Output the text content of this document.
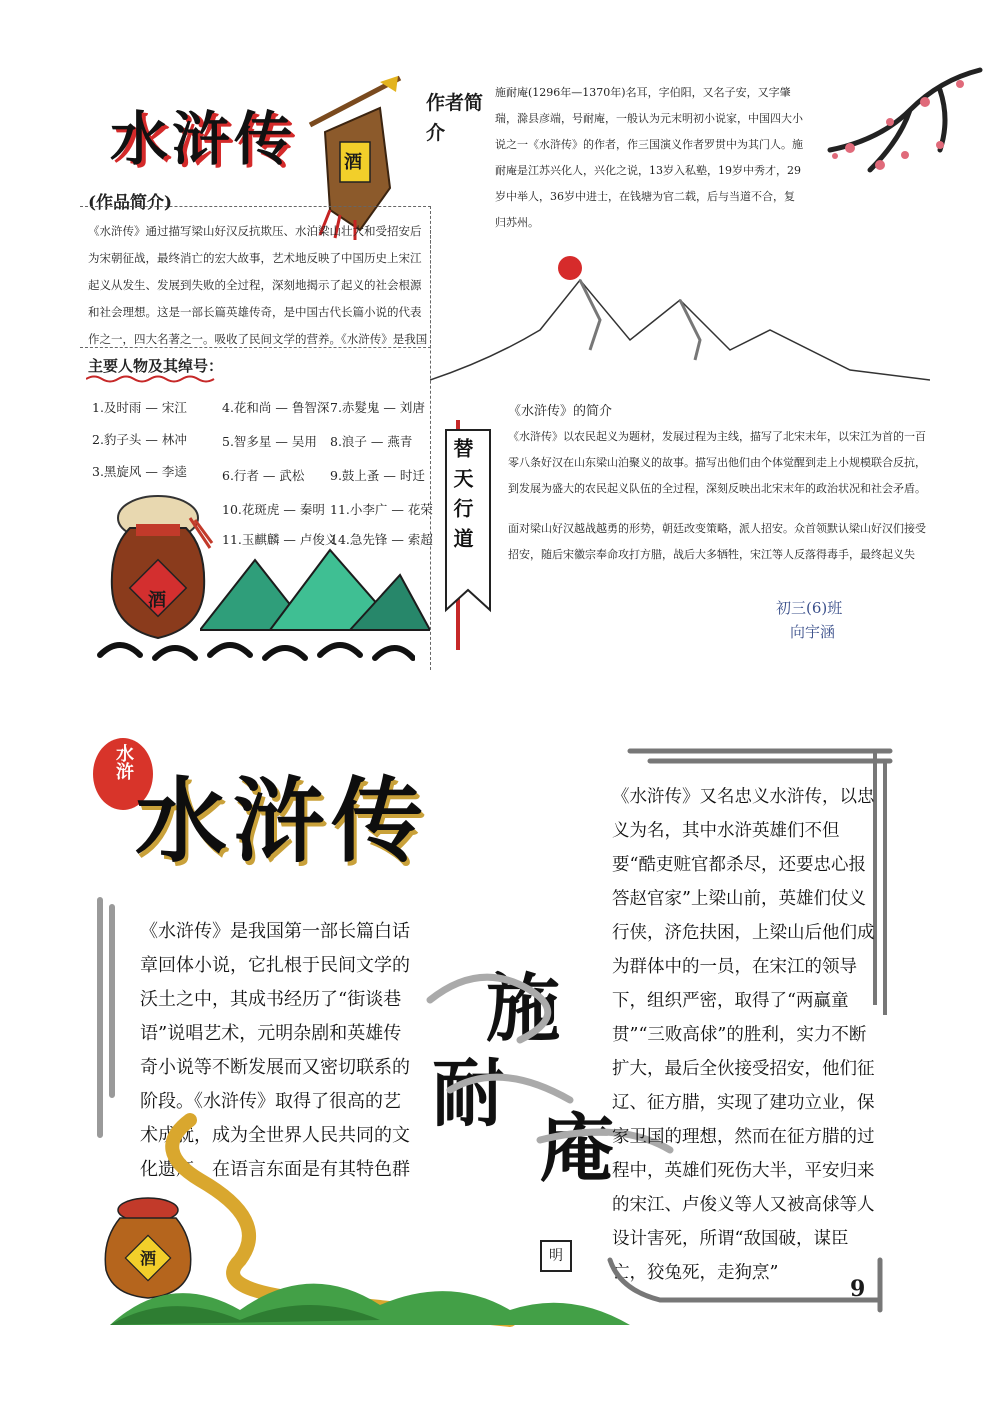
水浒传	酒
(作品简介)
《水浒传》通过描写梁山好汉反抗欺压、水泊梁山壮大和受招安后为宋朝征战，最终消亡的宏大故事，艺术地反映了中国历史上宋江起义从发生、发展到失败的全过程，深刻地揭示了起义的社会根源和社会理想。这是一部长篇英雄传奇，是中国古代长篇小说的代表作之一，四大名著之一。吸收了民间文学的营养。《水浒传》是我国
主要人物及其绰号：
1.及时雨 — 宋江
2.豹子头 — 林冲
3.黑旋风 — 李逵
4.花和尚 — 鲁智深
5.智多星 — 吴用
6.行者 — 武松
10.花斑虎 — 秦明
11.玉麒麟 — 卢俊义
7.赤髮鬼 — 刘唐
8.浪子 — 燕青
9.鼓上蚤 — 时迁
11.小李广 — 花荣
14.急先锋 — 索超
酒
作者简介
施耐庵(1296年—1370年)名耳，字伯阳，又名子安，又字肇瑞，滁县彦端，号耐庵，一般认为元末明初小说家，中国四大小说之一《水浒传》的作者，作三国演义作者罗贯中为其门人。施耐庵是江苏兴化人，兴化之说，13岁入私塾，19岁中秀才，29岁中举人，36岁中进士，在钱塘为官二载，后与当道不合，复归苏州。
替天行道
《水浒传》的简介
《水浒传》以农民起义为题材，发展过程为主线，描写了北宋末年，以宋江为首的一百零八条好汉在山东梁山泊聚义的故事。描写出他们由个体觉醒到走上小规模联合反抗，到发展为盛大的农民起义队伍的全过程，深刻反映出北宋末年的政治状况和社会矛盾。
面对梁山好汉越战越勇的形势，朝廷改变策略，派人招安。众首领默认梁山好汉们接受招安，随后宋徽宗奉命攻打方腊，战后大多牺牲，宋江等人反落得毒手，最终起义失
初三(6)班
向宇涵
水浒
水浒传
《水浒传》是我国第一部长篇白话章回体小说，它扎根于民间文学的沃土之中，其成书经历了“街谈巷语”说唱艺术，元明杂剧和英雄传奇小说等不断发展而又密切联系的阶段。《水浒传》取得了很高的艺术成就，成为全世界人民共同的文化遗产，在语言东面是有其特色群
施
耐
庵
明
《水浒传》又名忠义水浒传，以忠义为名，其中水浒英雄们不但要“酷吏赃官都杀尽，还要忠心报答赵官家”上梁山前，英雄们仗义行侠，济危扶困，上梁山后他们成为群体中的一员，在宋江的领导下，组织严密，取得了“两赢童贯”“三败高俅”的胜利，实力不断扩大，最后全伙接受招安，他们征辽、征方腊，实现了建功立业，保家卫国的理想，然而在征方腊的过程中，英雄们死伤大半，平安归来的宋江、卢俊义等人又被高俅等人设计害死，所谓“敌国破，谋臣亡，狡兔死，走狗烹”
酒
9
